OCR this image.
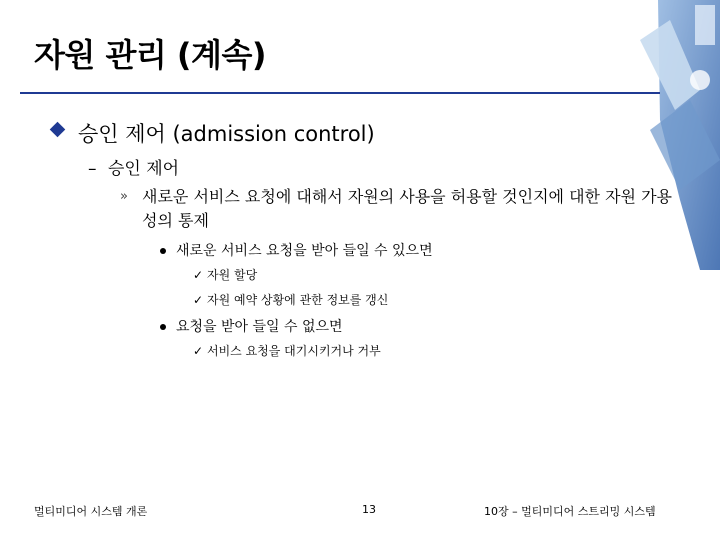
자원 관리 (계속)
승인 제어 (admission control)
– 승인 제어
» 새로운 서비스 요청에 대해서 자원의 사용을 허용할 것인지에 대한 자원 가용성의 통제
새로운 서비스 요청을 받아 들일 수 있으면
✓ 자원 할당
✓ 자원 예약 상황에 관한 정보를 갱신
요청을 받아 들일 수 없으면
✓ 서비스 요청을 대기시키거나 거부
멀티미디어 시스템 개론	13	10장 – 멀티미디어 스트리밍 시스템
